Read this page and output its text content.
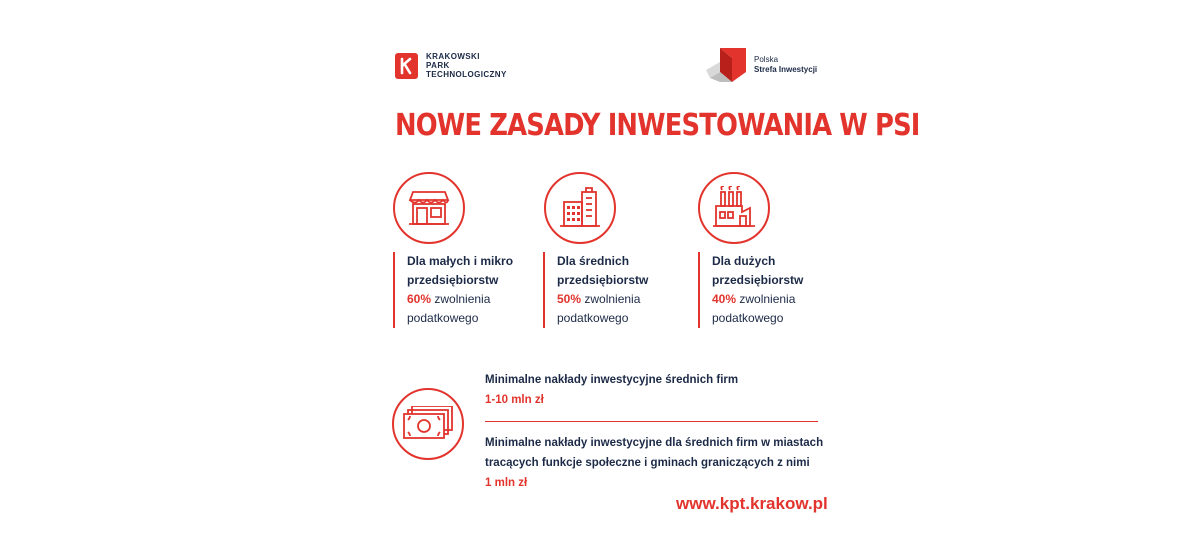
KRAKOWSKI
PARK
TECHNOLOGICZNY
Polska
Strefa Inwestycji
NOWE ZASADY INWESTOWANIA W PSI
Dla małych i mikro
przedsiębiorstw
60% zwolnienia
podatkowego
Dla średnich
przedsiębiorstw
50% zwolnienia
podatkowego
Dla dużych
przedsiębiorstw
40% zwolnienia
podatkowego
Minimalne nakłady inwestycyjne średnich firm
1-10 mln zł
Minimalne nakłady inwestycyjne dla średnich firm w miastach
tracących funkcje społeczne i gminach graniczących z nimi
1 mln zł
www.kpt.krakow.pl
